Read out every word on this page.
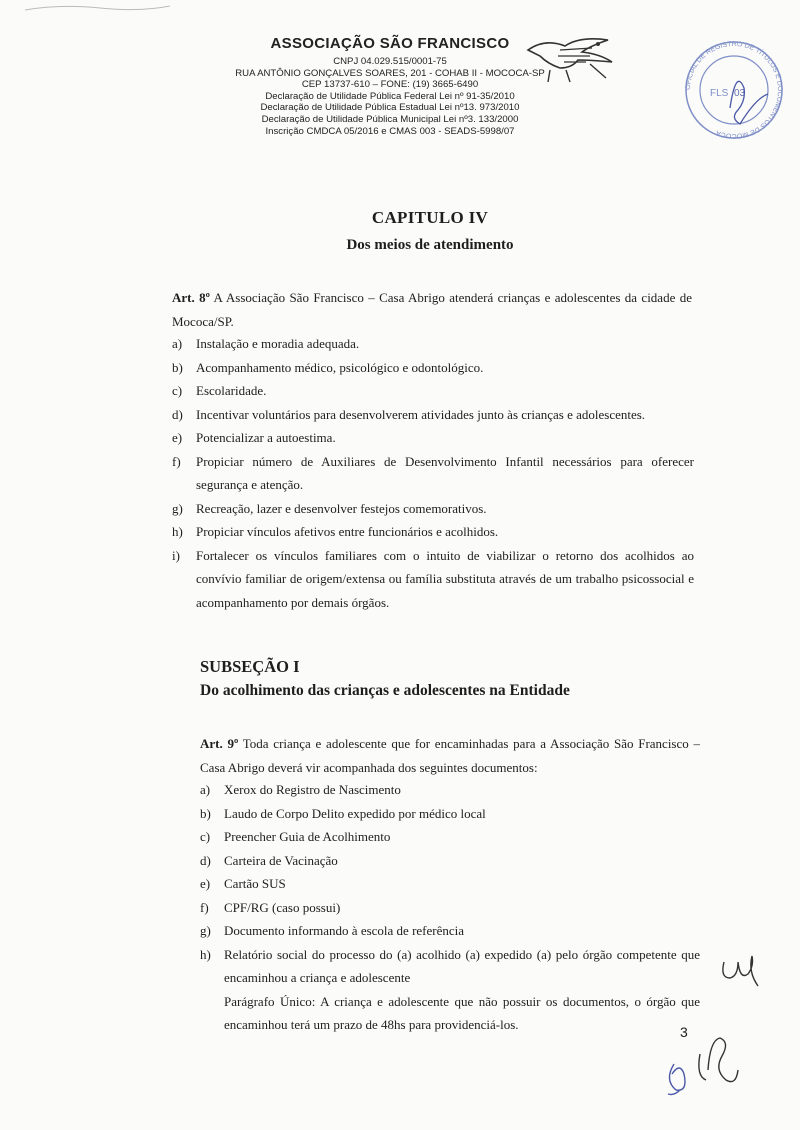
ASSOCIAÇÃO SÃO FRANCISCO
CNPJ 04.029.515/0001-75
RUA ANTÔNIO GONÇALVES SOARES, 201 - COHAB II - MOCOCA-SP
CEP 13737-610 – FONE: (19) 3665-6490
Declaração de Utilidade Pública Federal Lei nº 91-35/2010
Declaração de Utilidade Pública Estadual Lei nº13. 973/2010
Declaração de Utilidade Pública Municipal Lei nº3. 133/2000
Inscrição CMDCA 05/2016 e CMAS 003 - SEADS-5998/07
OFICIAL DE REGISTRO DE TÍTULOS E DOCUMENTOS DE MOCOCA
FLS 03
CAPITULO IV
Dos meios de atendimento
Art. 8º A Associação São Francisco – Casa Abrigo atenderá crianças e adolescentes da cidade de Mococa/SP.
a) Instalação e moradia adequada.
b) Acompanhamento médico, psicológico e odontológico.
c) Escolaridade.
d) Incentivar voluntários para desenvolverem atividades junto às crianças e adolescentes.
e) Potencializar a autoestima.
f) Propiciar número de Auxiliares de Desenvolvimento Infantil necessários para oferecer segurança e atenção.
g) Recreação, lazer e desenvolver festejos comemorativos.
h) Propiciar vínculos afetivos entre funcionários e acolhidos.
i) Fortalecer os vínculos familiares com o intuito de viabilizar o retorno dos acolhidos ao convívio familiar de origem/extensa ou família substituta através de um trabalho psicossocial e acompanhamento por demais órgãos.
SUBSEÇÃO I
Do acolhimento das crianças e adolescentes na Entidade
Art. 9º Toda criança e adolescente que for encaminhadas para a Associação São Francisco – Casa Abrigo deverá vir acompanhada dos seguintes documentos:
a) Xerox do Registro de Nascimento
b) Laudo de Corpo Delito expedido por médico local
c) Preencher Guia de Acolhimento
d) Carteira de Vacinação
e) Cartão SUS
f) CPF/RG (caso possui)
g) Documento informando à escola de referência
h) Relatório social do processo do (a) acolhido (a) expedido (a) pelo órgão competente que encaminhou a criança e adolescente
Parágrafo Único: A criança e adolescente que não possuir os documentos, o órgão que encaminhou terá um prazo de 48hs para providenciá-los.	3
